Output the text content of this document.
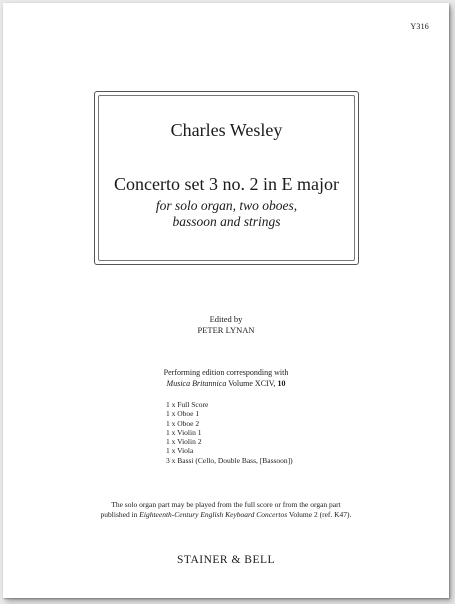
Y316
Charles Wesley
Concerto set 3 no. 2 in E major
for solo organ, two oboes,
bassoon and strings
Edited by
PETER LYNAN
Performing edition corresponding with
Musica Britannica Volume XCIV, 10
1 x Full Score
1 x Oboe 1
1 x Oboe 2
1 x Violin 1
1 x Violin 2
1 x Viola
3 x Bassi (Cello, Double Bass, [Bassoon])
The solo organ part may be played from the full score or from the organ part
published in Eighteenth-Century English Keyboard Concertos Volume 2 (ref. K47).
STAINER & BELL
